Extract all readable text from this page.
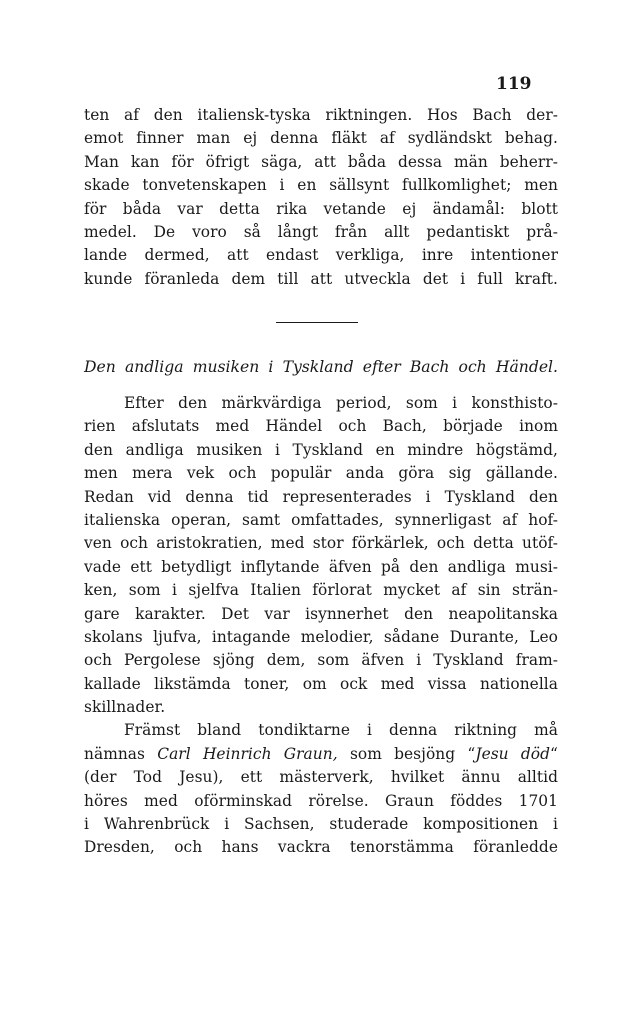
119
ten af den italiensk-tyska riktningen. Hos Bach der-
emot finner man ej denna fläkt af sydländskt behag.
Man kan för öfrigt säga, att båda dessa män beherr-
skade tonvetenskapen i en sällsynt fullkomlighet; men
för båda var detta rika vetande ej ändamål: blott
medel. De voro så långt från allt pedantiskt prå-
lande dermed, att endast verkliga, inre intentioner
kunde föranleda dem till att utveckla det i full kraft.
Den andliga musiken i Tyskland efter Bach och Händel.
Efter den märkvärdiga period, som i konsthisto-
rien afslutats med Händel och Bach, började inom
den andliga musiken i Tyskland en mindre högstämd,
men mera vek och populär anda göra sig gällande.
Redan vid denna tid representerades i Tyskland den
italienska operan, samt omfattades, synnerligast af hof-
ven och aristokratien, med stor förkärlek, och detta utöf-
vade ett betydligt inflytande äfven på den andliga musi-
ken, som i sjelfva Italien förlorat mycket af sin strän-
gare karakter. Det var isynnerhet den neapolitanska
skolans ljufva, intagande melodier, sådane Durante, Leo
och Pergolese sjöng dem, som äfven i Tyskland fram-
kallade likstämda toner, om ock med vissa nationella
skillnader.
Främst bland tondiktarne i denna riktning må
nämnas Carl Heinrich Graun, som besjöng “Jesu död“
(der Tod Jesu), ett mästerverk, hvilket ännu alltid
höres med oförminskad rörelse. Graun föddes 1701
i Wahrenbrück i Sachsen, studerade kompositionen i
Dresden, och hans vackra tenorstämma föranledde
